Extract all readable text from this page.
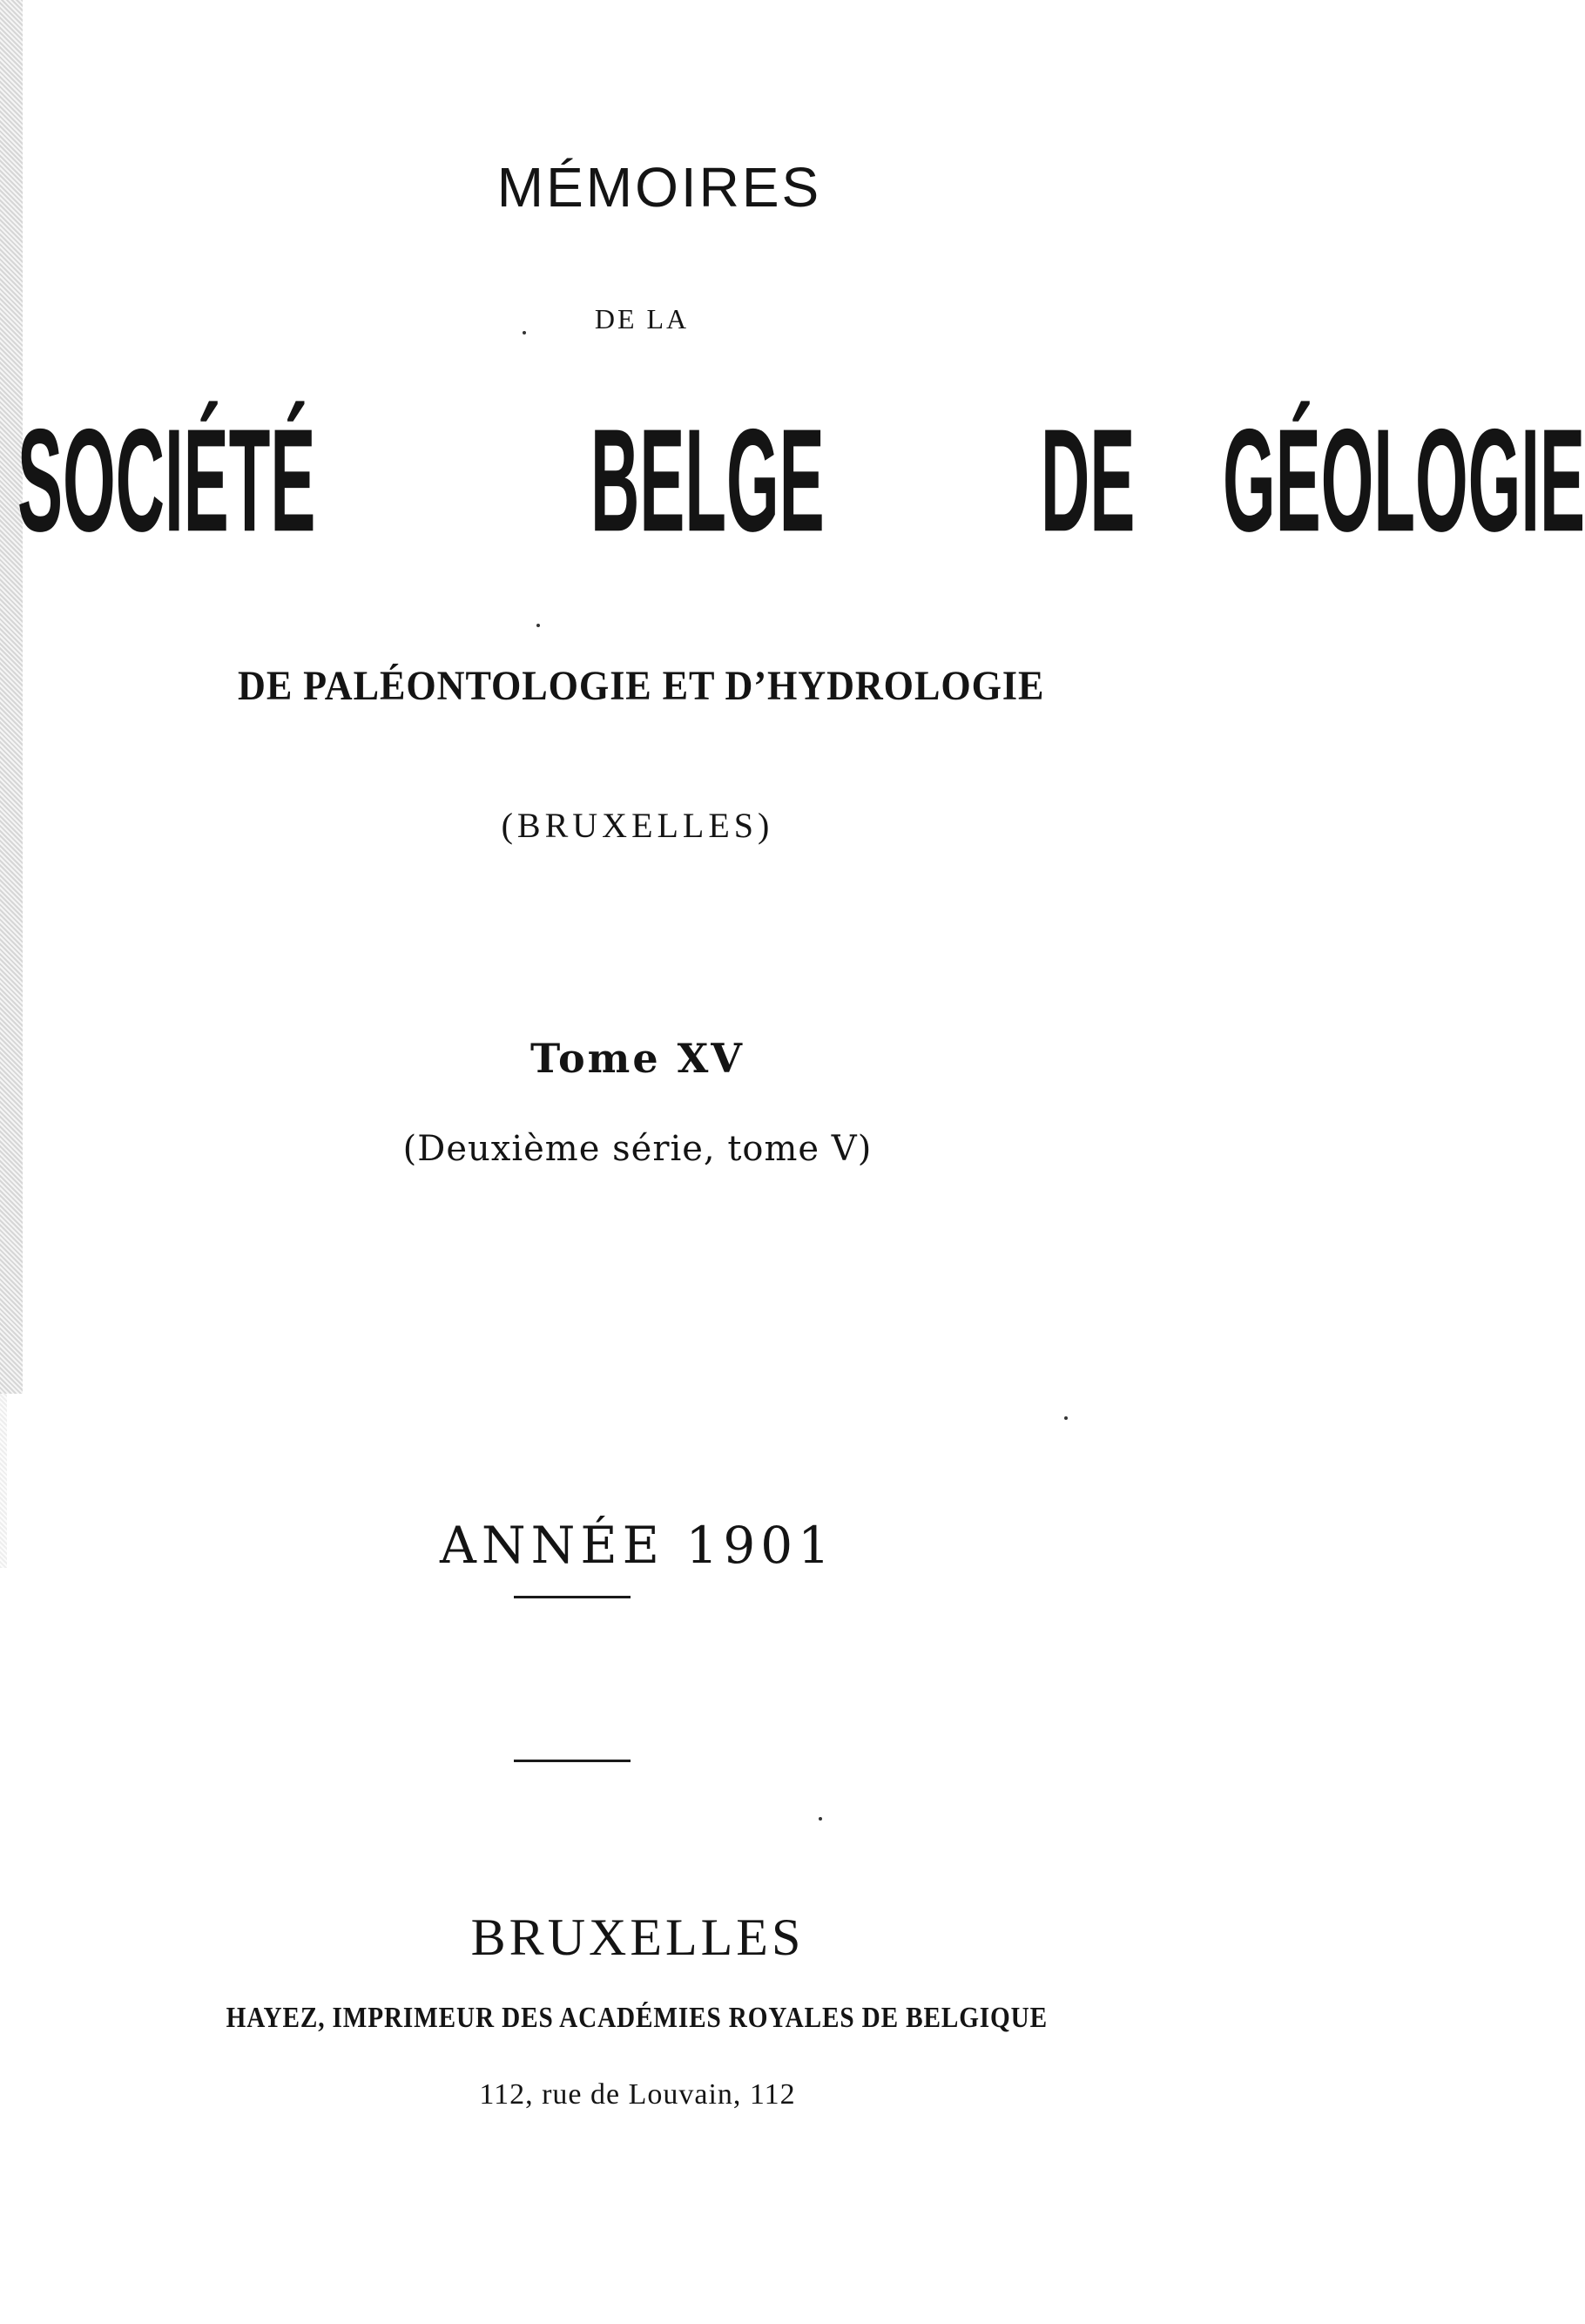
MÉMOIRES
DE LA
SOCIÉTÉ BELGE DE GÉOLOGIE
DE PALÉONTOLOGIE ET D’HYDROLOGIE
(BRUXELLES)
Tome XV
(Deuxième série, tome V)
ANNÉE 1901
BRUXELLES
HAYEZ, IMPRIMEUR DES ACADÉMIES ROYALES DE BELGIQUE
112, rue de Louvain, 112
